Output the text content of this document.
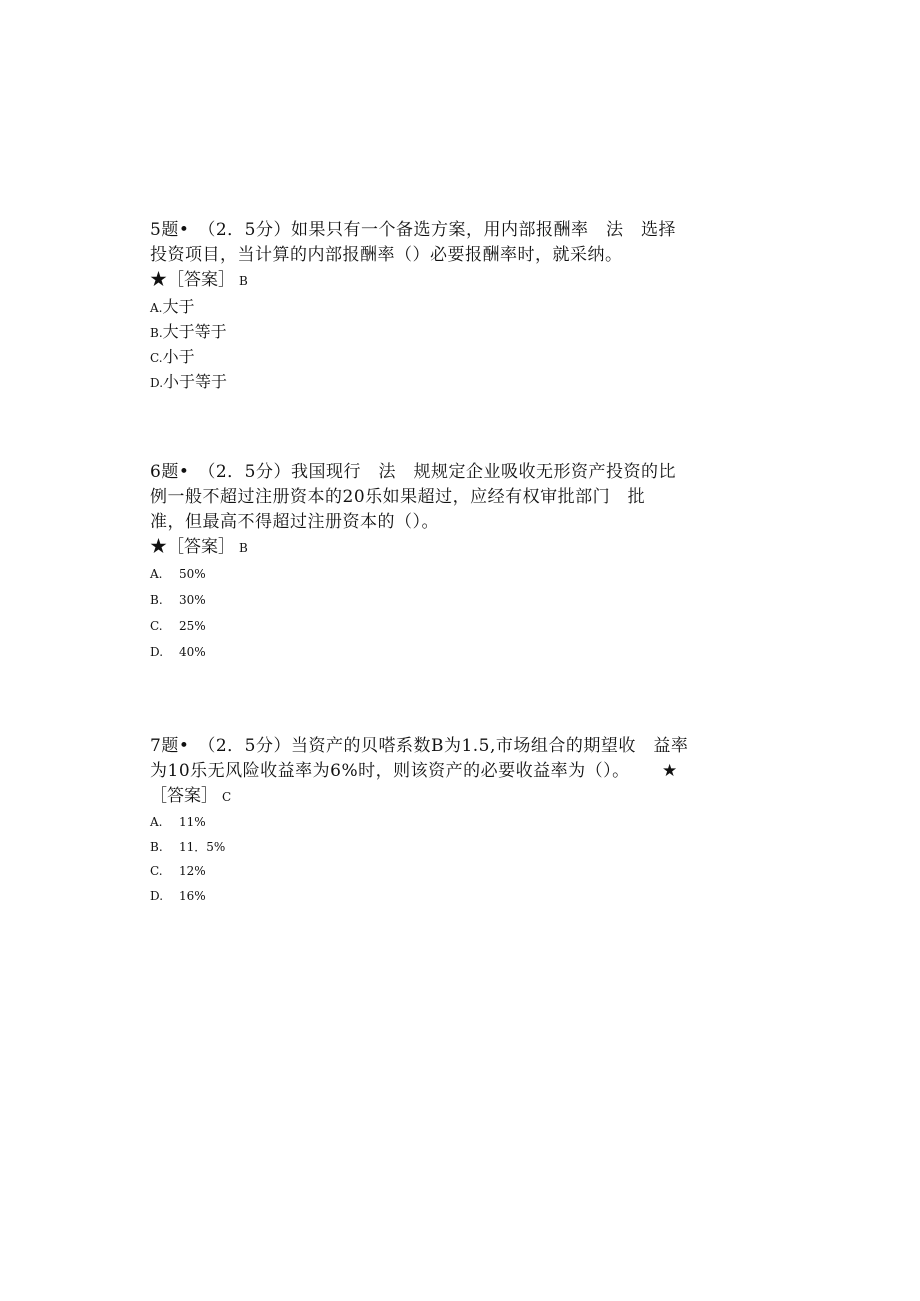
5题•　（2．5分）如果只有一个备选方案，用内部报酬率　法　选择
投资项目，当计算的内部报酬率（）必要报酬率时，就采纳。
★［答案］ B
A.大于
B.大于等于
C.小于
D.小于等于
6题•　（2．5分）我国现行　法　规规定企业吸收无形资产投资的比
例一般不超过注册资本的20乐如果超过，应经有权审批部门　批
准，但最高不得超过注册资本的（）。
★［答案］ B
A. 50%
B. 30%
C. 25%
D. 40%
7题•　（2．5分）当资产的贝嗒系数B为1.5,市场组合的期望收　益率
为10乐无风险收益率为6%时，则该资产的必要收益率为（）。 ★
［答案］ C
A. 11%
B. 11．5%
C. 12%
D. 16%
